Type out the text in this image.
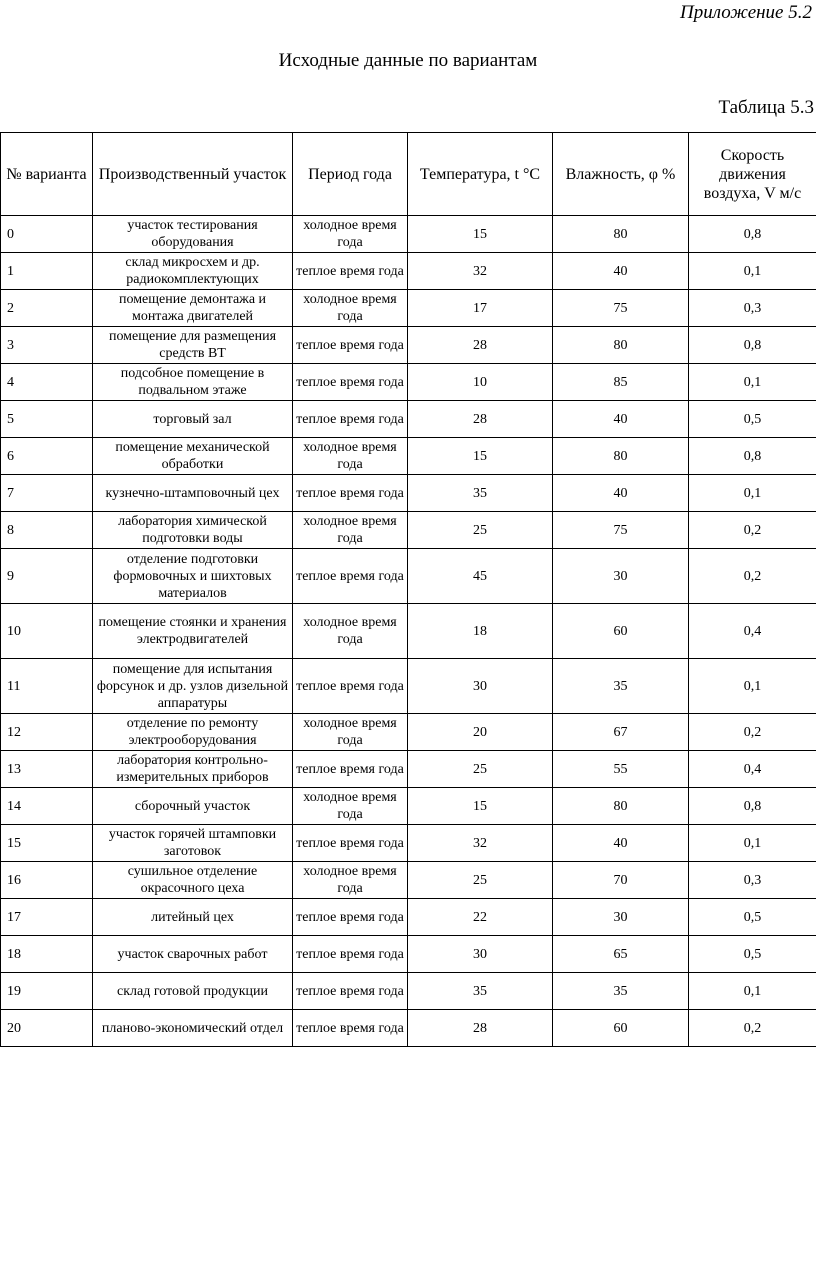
Приложение 5.2
Исходные данные по вариантам
Таблица 5.3
№ варианта	Производственный участок	Период года	Температура, t °С	Влажность, φ %	Скорость движения воздуха, V м/с
0	участок тестирования оборудования	холодное время года	15	80	0,8
1	склад микросхем и др. радиокомплектующих	теплое время года	32	40	0,1
2	помещение демонтажа и монтажа двигателей	холодное время года	17	75	0,3
3	помещение для размещения средств ВТ	теплое время года	28	80	0,8
4	подсобное помещение в подвальном этаже	теплое время года	10	85	0,1
5	торговый зал	теплое время года	28	40	0,5
6	помещение механической обработки	холодное время года	15	80	0,8
7	кузнечно-штамповочный цех	теплое время года	35	40	0,1
8	лаборатория химической подготовки воды	холодное время года	25	75	0,2
9	отделение подготовки формовочных и шихтовых материалов	теплое время года	45	30	0,2
10	помещение стоянки и хранения электродвигателей	холодное время года	18	60	0,4
11	помещение для испытания форсунок и др. узлов дизельной аппаратуры	теплое время года	30	35	0,1
12	отделение по ремонту электрооборудования	холодное время года	20	67	0,2
13	лаборатория контрольно-измерительных приборов	теплое время года	25	55	0,4
14	сборочный участок	холодное время года	15	80	0,8
15	участок горячей штамповки заготовок	теплое время года	32	40	0,1
16	сушильное отделение окрасочного цеха	холодное время года	25	70	0,3
17	литейный цех	теплое время года	22	30	0,5
18	участок сварочных работ	теплое время года	30	65	0,5
19	склад готовой продукции	теплое время года	35	35	0,1
20	планово-экономический отдел	теплое время года	28	60	0,2
